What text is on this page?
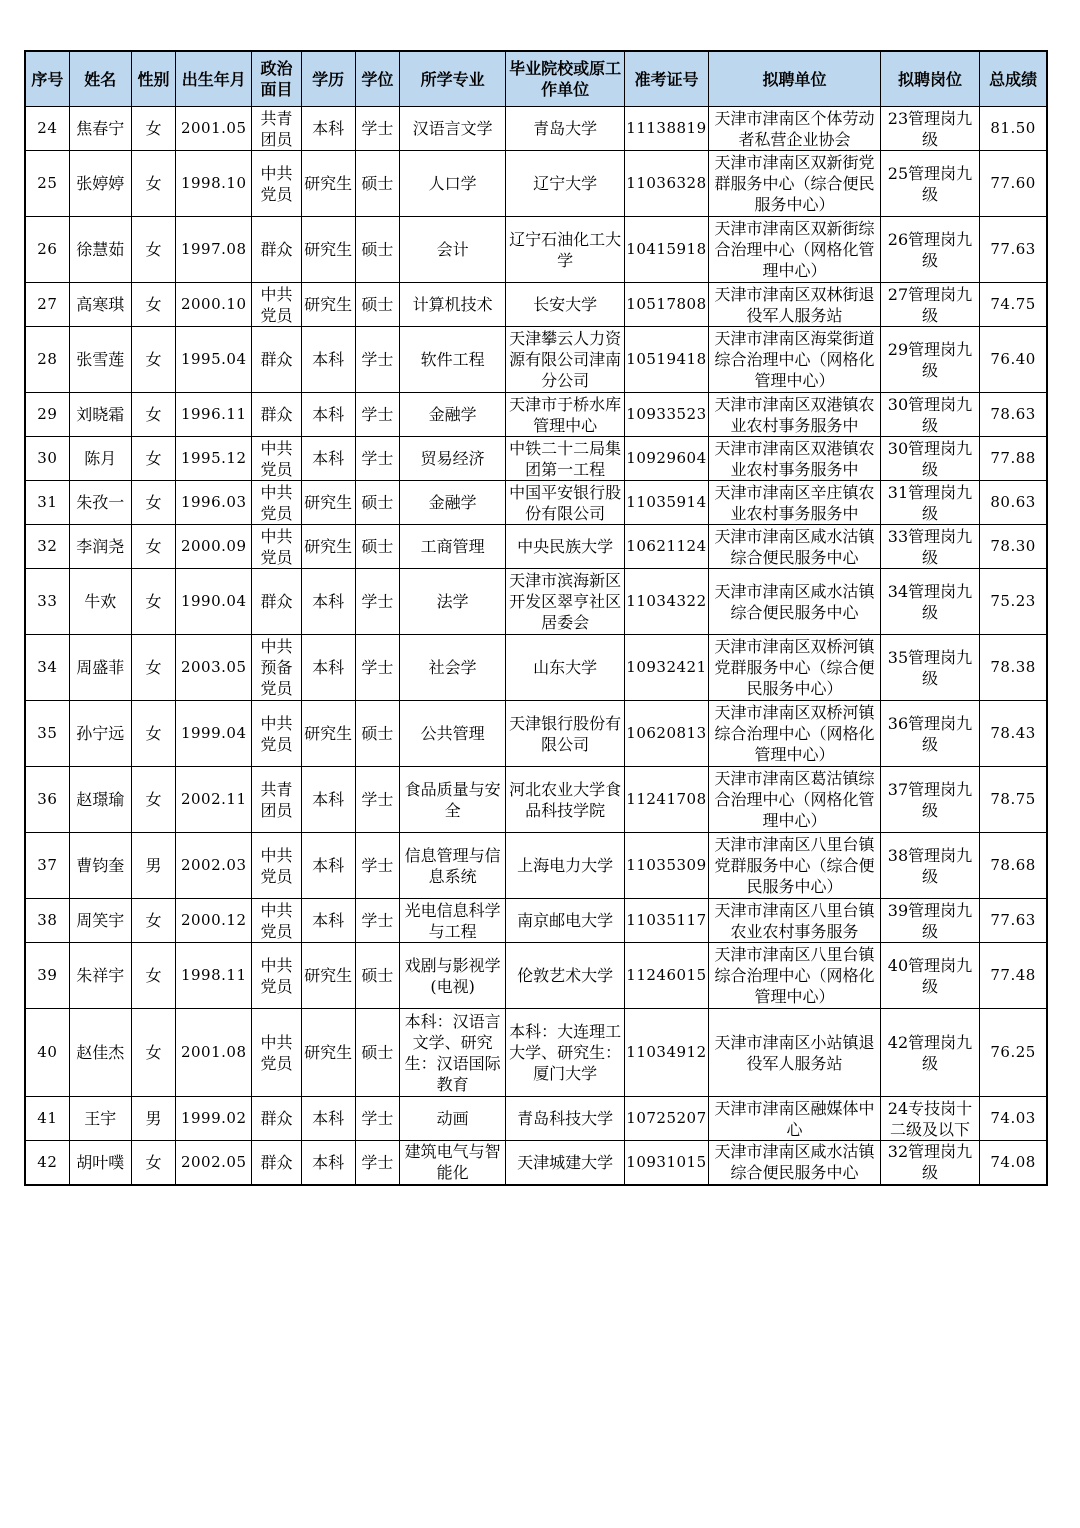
序号	姓名	性别	出生年月	政治面目	学历	学位	所学专业	毕业院校或原工作单位	准考证号	拟聘单位	拟聘岗位	总成绩
24	焦春宁	女	2001.05	共青团员	本科	学士	汉语言文学	青岛大学	11138819	天津市津南区个体劳动者私营企业协会	23管理岗九级	81.50
25	张婷婷	女	1998.10	中共党员	研究生	硕士	人口学	辽宁大学	11036328	天津市津南区双新街党群服务中心（综合便民服务中心）	25管理岗九级	77.60
26	徐慧茹	女	1997.08	群众	研究生	硕士	会计	辽宁石油化工大学	10415918	天津市津南区双新街综合治理中心（网格化管理中心）	26管理岗九级	77.63
27	高寒琪	女	2000.10	中共党员	研究生	硕士	计算机技术	长安大学	10517808	天津市津南区双林街退役军人服务站	27管理岗九级	74.75
28	张雪莲	女	1995.04	群众	本科	学士	软件工程	天津攀云人力资源有限公司津南分公司	10519418	天津市津南区海棠街道综合治理中心（网格化管理中心）	29管理岗九级	76.40
29	刘晓霜	女	1996.11	群众	本科	学士	金融学	天津市于桥水库管理中心	10933523	天津市津南区双港镇农业农村事务服务中	30管理岗九级	78.63
30	陈月	女	1995.12	中共党员	本科	学士	贸易经济	中铁二十二局集团第一工程	10929604	天津市津南区双港镇农业农村事务服务中	30管理岗九级	77.88
31	朱孜一	女	1996.03	中共党员	研究生	硕士	金融学	中国平安银行股份有限公司	11035914	天津市津南区辛庄镇农业农村事务服务中	31管理岗九级	80.63
32	李润尧	女	2000.09	中共党员	研究生	硕士	工商管理	中央民族大学	10621124	天津市津南区咸水沽镇综合便民服务中心	33管理岗九级	78.30
33	牛欢	女	1990.04	群众	本科	学士	法学	天津市滨海新区开发区翠亨社区居委会	11034322	天津市津南区咸水沽镇综合便民服务中心	34管理岗九级	75.23
34	周盛菲	女	2003.05	中共预备党员	本科	学士	社会学	山东大学	10932421	天津市津南区双桥河镇党群服务中心（综合便民服务中心）	35管理岗九级	78.38
35	孙宁远	女	1999.04	中共党员	研究生	硕士	公共管理	天津银行股份有限公司	10620813	天津市津南区双桥河镇综合治理中心（网格化管理中心）	36管理岗九级	78.43
36	赵璟瑜	女	2002.11	共青团员	本科	学士	食品质量与安全	河北农业大学食品科技学院	11241708	天津市津南区葛沽镇综合治理中心（网格化管理中心）	37管理岗九级	78.75
37	曹钧奎	男	2002.03	中共党员	本科	学士	信息管理与信息系统	上海电力大学	11035309	天津市津南区八里台镇党群服务中心（综合便民服务中心）	38管理岗九级	78.68
38	周笑宇	女	2000.12	中共党员	本科	学士	光电信息科学与工程	南京邮电大学	11035117	天津市津南区八里台镇农业农村事务服务	39管理岗九级	77.63
39	朱祥宇	女	1998.11	中共党员	研究生	硕士	戏剧与影视学(电视)	伦敦艺术大学	11246015	天津市津南区八里台镇综合治理中心（网格化管理中心）	40管理岗九级	77.48
40	赵佳杰	女	2001.08	中共党员	研究生	硕士	本科：汉语言文学、研究生：汉语国际教育	本科：大连理工大学、研究生：厦门大学	11034912	天津市津南区小站镇退役军人服务站	42管理岗九级	76.25
41	王宇	男	1999.02	群众	本科	学士	动画	青岛科技大学	10725207	天津市津南区融媒体中心	24专技岗十二级及以下	74.03
42	胡叶噗	女	2002.05	群众	本科	学士	建筑电气与智能化	天津城建大学	10931015	天津市津南区咸水沽镇综合便民服务中心	32管理岗九级	74.08
